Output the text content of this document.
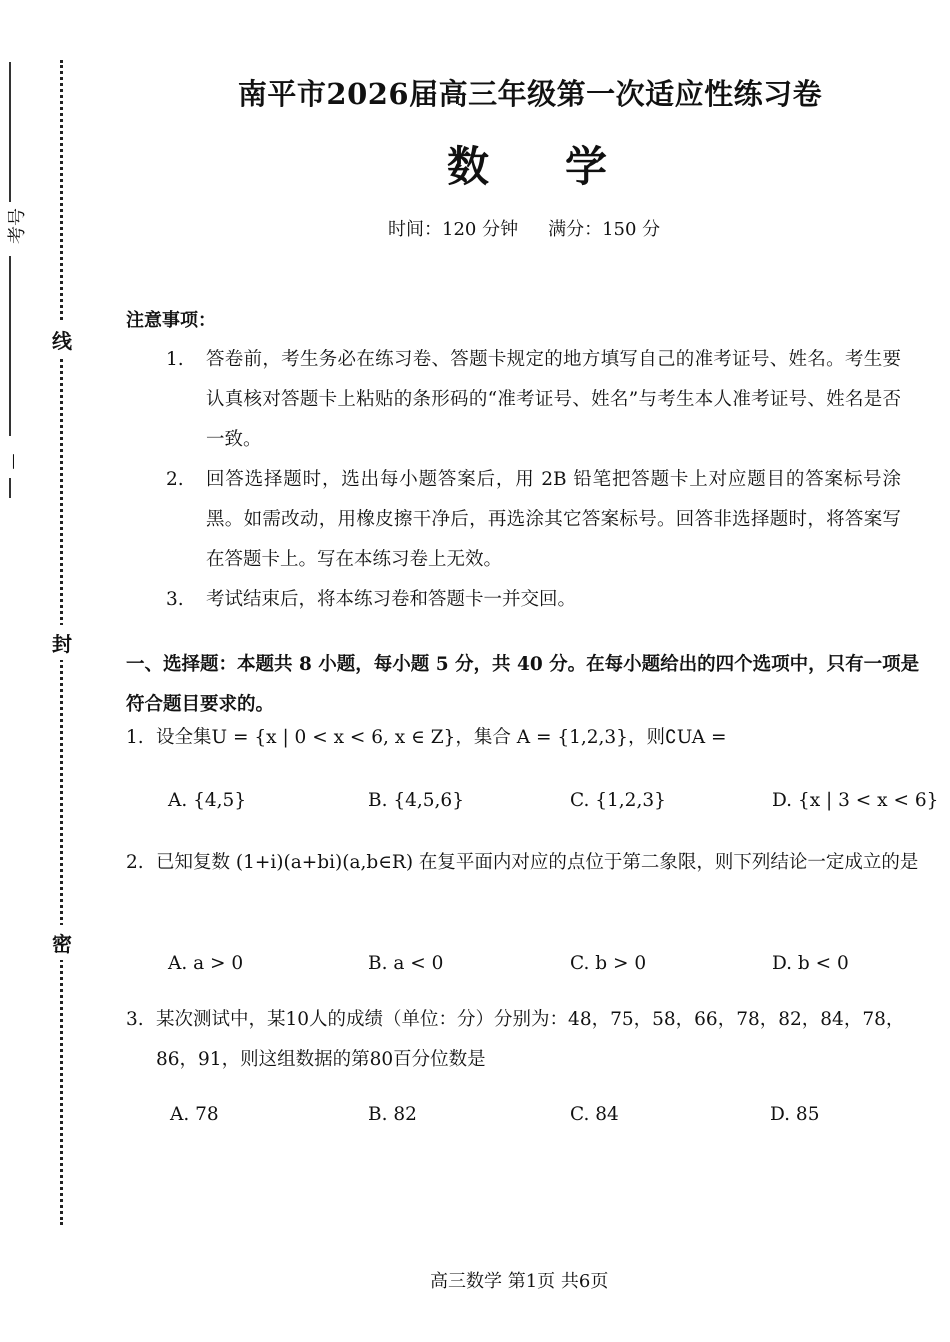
考号
—
线
封
密
南平市2026届高三年级第一次适应性练习卷
数 学
时间：120 分钟 满分：150 分
注意事项：
1. 答卷前，考生务必在练习卷、答题卡规定的地方填写自己的准考证号、姓名。考生要认真核对答题卡上粘贴的条形码的“准考证号、姓名”与考生本人准考证号、姓名是否一致。
2. 回答选择题时，选出每小题答案后，用 2B 铅笔把答题卡上对应题目的答案标号涂黑。如需改动，用橡皮擦干净后，再选涂其它答案标号。回答非选择题时，将答案写在答题卡上。写在本练习卷上无效。
3. 考试结束后，将本练习卷和答题卡一并交回。
一、选择题：本题共 8 小题，每小题 5 分，共 40 分。在每小题给出的四个选项中，只有一项是符合题目要求的。
1. 设全集U = {x | 0 < x < 6, x ∈ Z}，集合 A = {1,2,3}，则∁UA =
A. {4,5}	B. {4,5,6}	C. {1,2,3}	D. {x | 3 < x < 6}
2. 已知复数 (1+i)(a+bi)(a,b∈R) 在复平面内对应的点位于第二象限，则下列结论一定成立的是
A. a > 0	B. a < 0	C. b > 0	D. b < 0
3. 某次测试中，某10人的成绩（单位：分）分别为：48，75，58，66，78，82，84，78，86，91，则这组数据的第80百分位数是
A. 78	B. 82	C. 84	D. 85
高三数学 第1页 共6页
